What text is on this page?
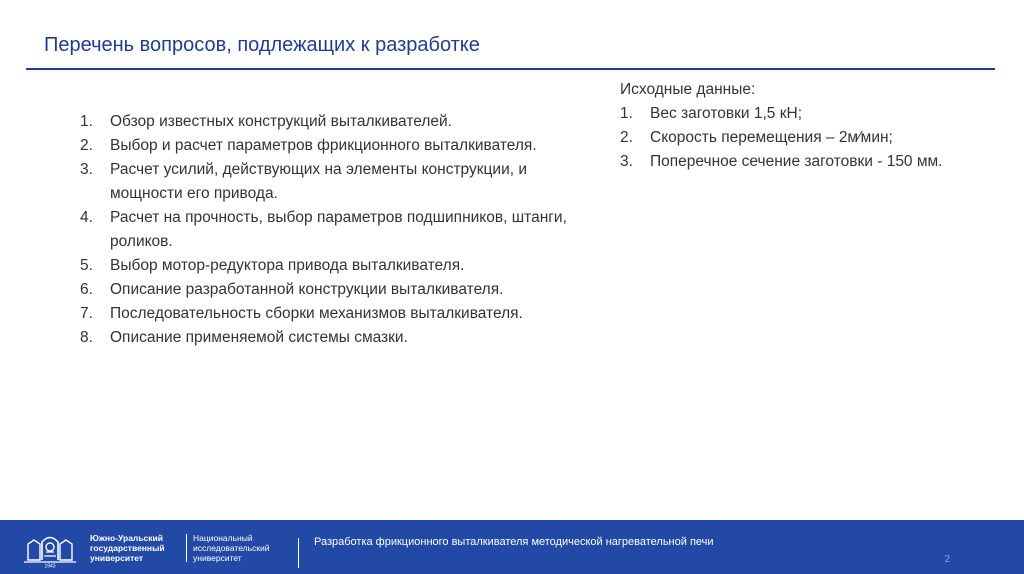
Перечень вопросов, подлежащих к разработке
1. Обзор известных конструкций выталкивателей.
2. Выбор и расчет параметров фрикционного выталкивателя.
3. Расчет усилий, действующих на элементы конструкции, и мощности его привода.
4. Расчет на прочность, выбор параметров подшипников, штанги, роликов.
5. Выбор мотор-редуктора привода выталкивателя.
6. Описание разработанной конструкции выталкивателя.
7. Последовательность сборки механизмов выталкивателя.
8. Описание применяемой системы смазки.
Исходные данные:
1. Вес заготовки 1,5 кН;
2. Скорость перемещения – 2м⁄мин;
3. Поперечное сечение заготовки - 150 мм.
1943
Южно-Уральский
государственный
университет
Национальный
исследовательский
университет
Разработка фрикционного выталкивателя методической нагревательной печи
2
